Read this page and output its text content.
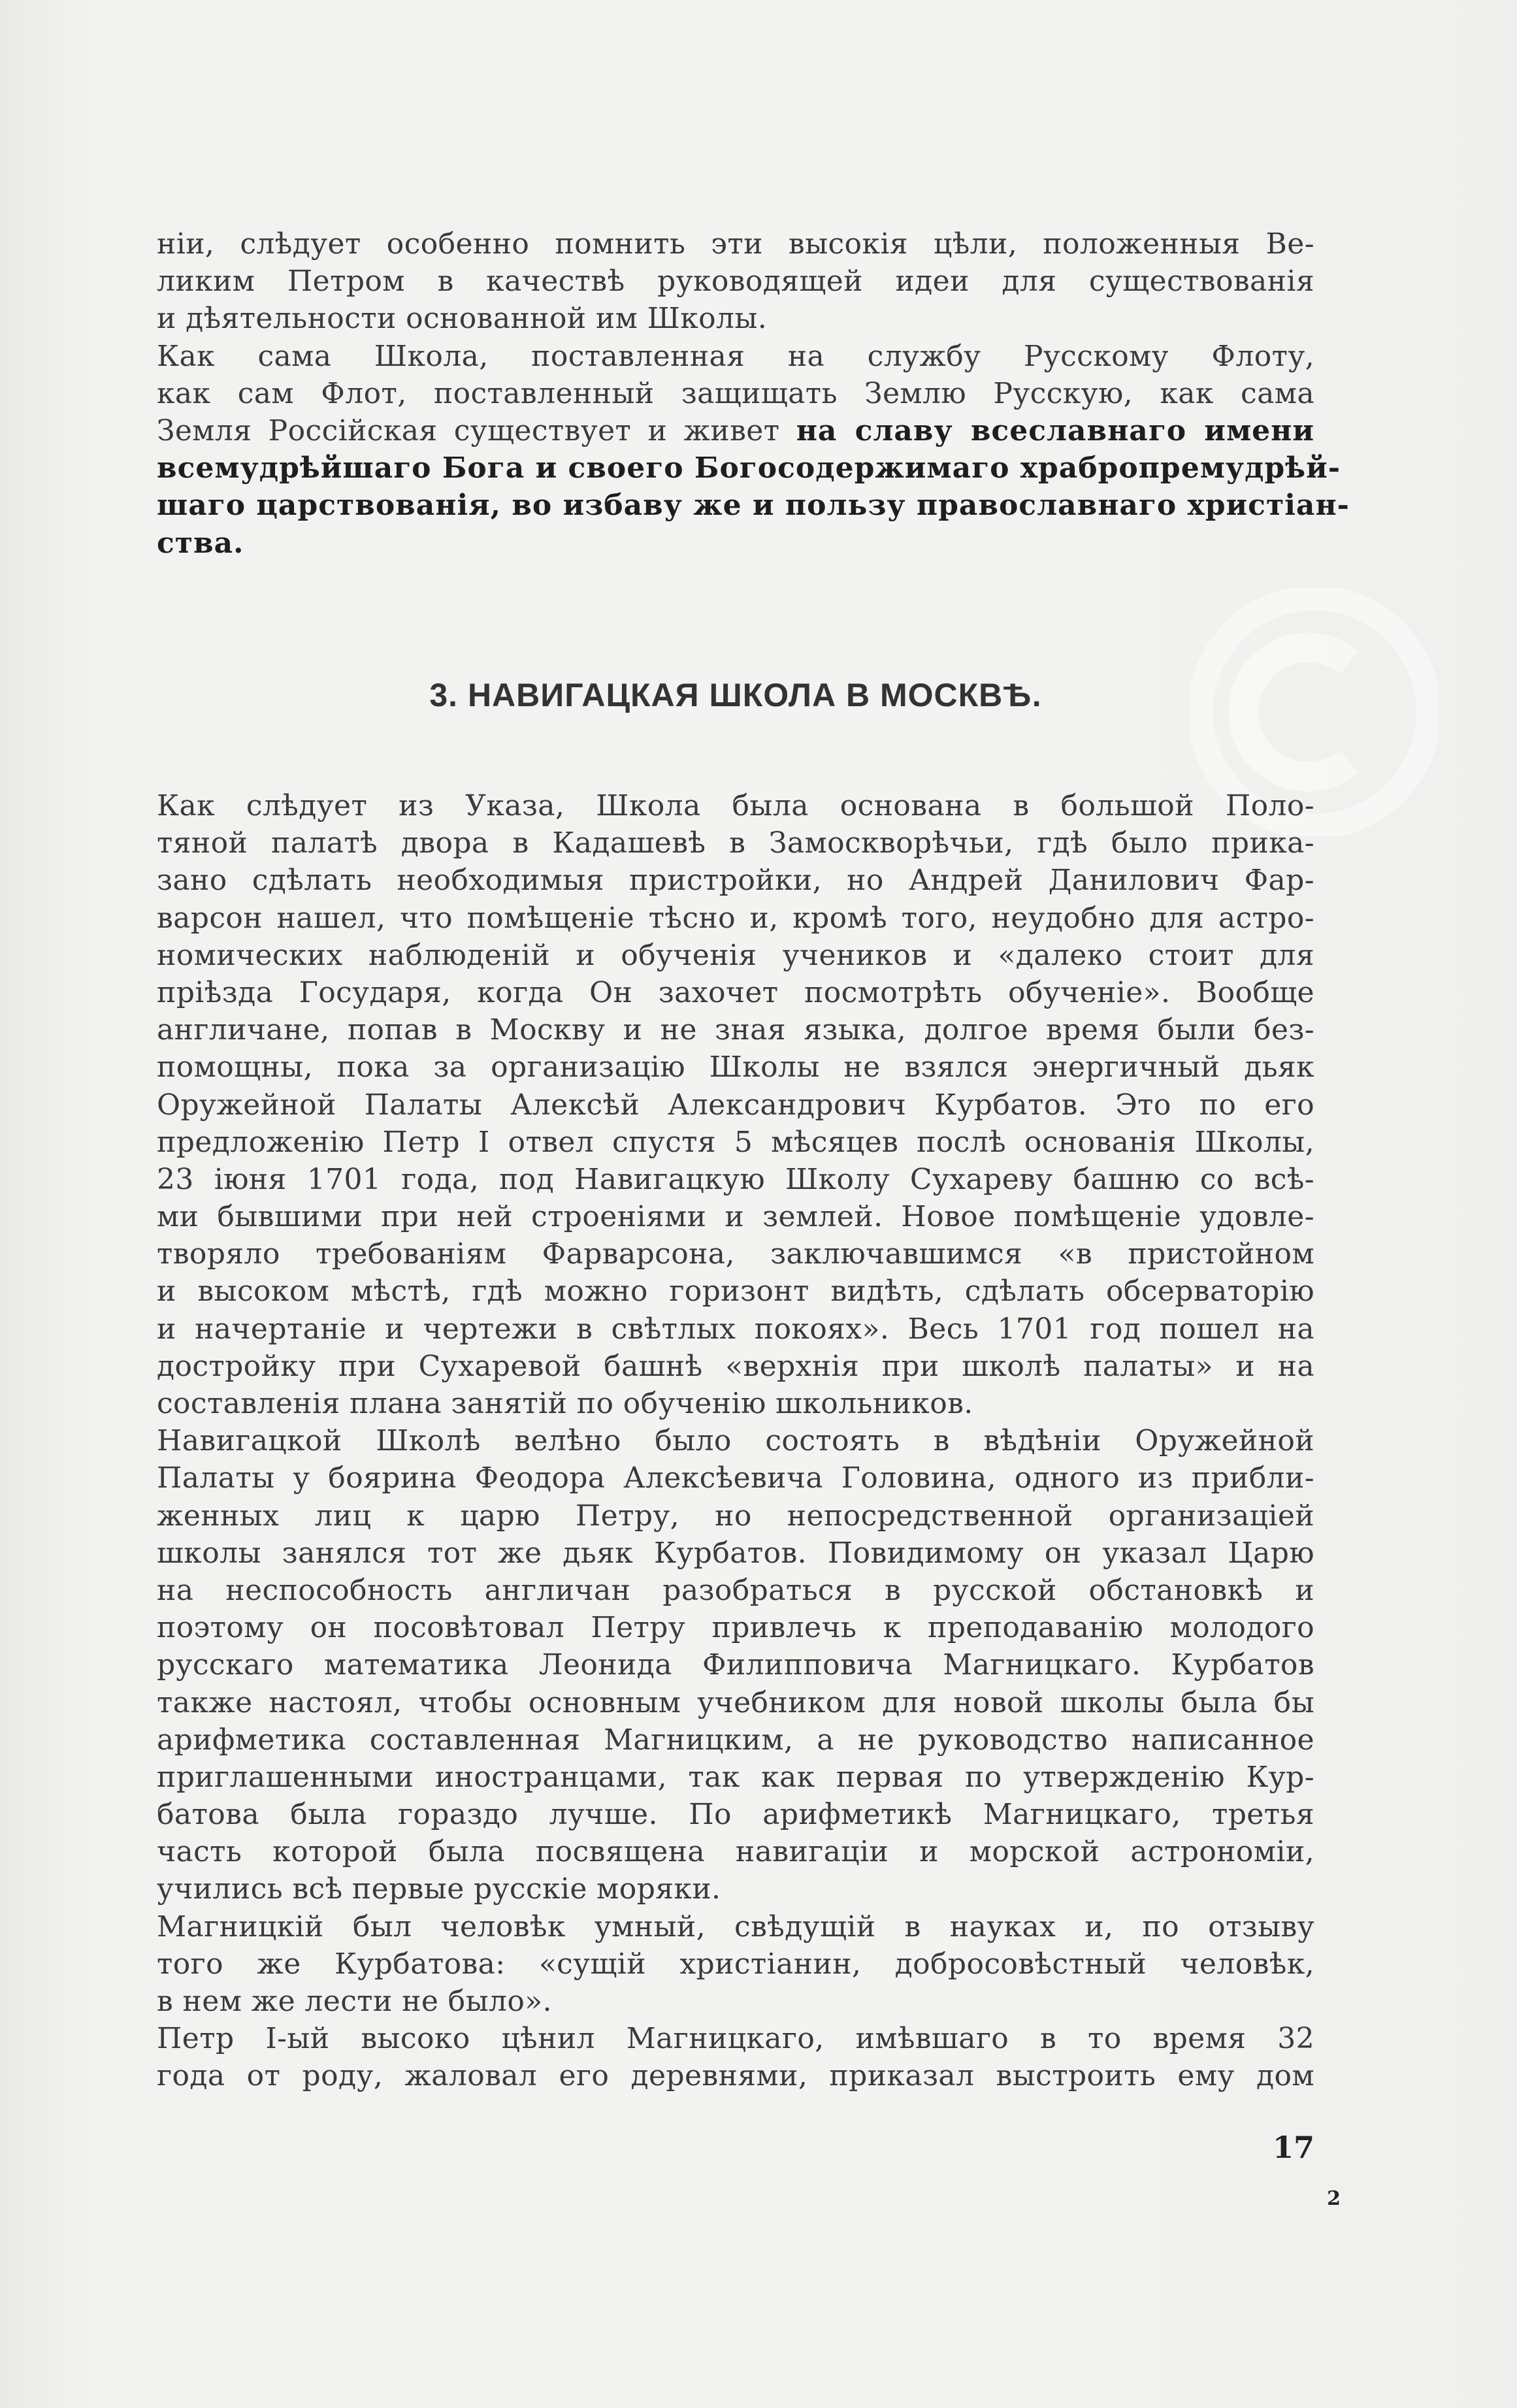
ніи, слѣдует особенно помнить эти высокія цѣли, положенныя Ве-
ликим Петром в качествѣ руководящей идеи для существованія
и дѣятельности основанной им Школы.

Как сама Школа, поставленная на службу Русскому Флоту,
как сам Флот, поставленный защищать Землю Русскую, как сама
Земля Россійская существует и живет на славу всеславнаго имени
всемудрѣйшаго Бога и своего Богосодержимаго храбропремудрѣй-
шаго царствованія, во избаву же и пользу православнаго христіан-
ства.

3. НАВИГАЦКАЯ ШКОЛА В МОСКВѢ.

Как слѣдует из Указа, Школа была основана в большой Поло-
тяной палатѣ двора в Кадашевѣ в Замоскворѣчьи, гдѣ было прика-
зано сдѣлать необходимыя пристройки, но Андрей Данилович Фар-
варсон нашел, что помѣщеніе тѣсно и, кромѣ того, неудобно для астро-
номических наблюденій и обученія учеников и «далеко стоит для
пріѣзда Государя, когда Он захочет посмотрѣть обученіе». Вообще
англичане, попав в Москву и не зная языка, долгое время были без-
помощны, пока за организацію Школы не взялся энергичный дьяк
Оружейной Палаты Алексѣй Александрович Курбатов. Это по его
предложенію Петр I отвел спустя 5 мѣсяцев послѣ основанія Школы,
23 іюня 1701 года, под Навигацкую Школу Сухареву башню со всѣ-
ми бывшими при ней строеніями и землей. Новое помѣщеніе удовле-
творяло требованіям Фарварсона, заключавшимся «в пристойном
и высоком мѣстѣ, гдѣ можно горизонт видѣть, сдѣлать обсерваторію
и начертаніе и чертежи в свѣтлых покоях». Весь 1701 год пошел на
достройку при Сухаревой башнѣ «верхнія при школѣ палаты» и на
составленія плана занятій по обученію школьников.

Навигацкой Школѣ велѣно было состоять в вѣдѣніи Оружейной
Палаты у боярина Феодора Алексѣевича Головина, одного из прибли-
женных лиц к царю Петру, но непосредственной организаціей
школы занялся тот же дьяк Курбатов. Повидимому он указал Царю
на неспособность англичан разобраться в русской обстановкѣ и
поэтому он посовѣтовал Петру привлечь к преподаванію молодого
русскаго математика Леонида Филипповича Магницкаго. Курбатов
также настоял, чтобы основным учебником для новой школы была бы
арифметика составленная Магницким, а не руководство написанное
приглашенными иностранцами, так как первая по утвержденію Кур-
батова была гораздо лучше. По арифметикѣ Магницкаго, третья
часть которой была посвящена навигаціи и морской астрономіи,
учились всѣ первые русскіе моряки.

Магницкій был человѣк умный, свѣдущій в науках и, по отзыву
того же Курбатова: «сущій христіанин, добросовѣстный человѣк,
в нем же лести не было».

Петр І-ый высоко цѣнил Магницкаго, имѣвшаго в то время 32
года от роду, жаловал его деревнями, приказал выстроить ему дом

17
2
